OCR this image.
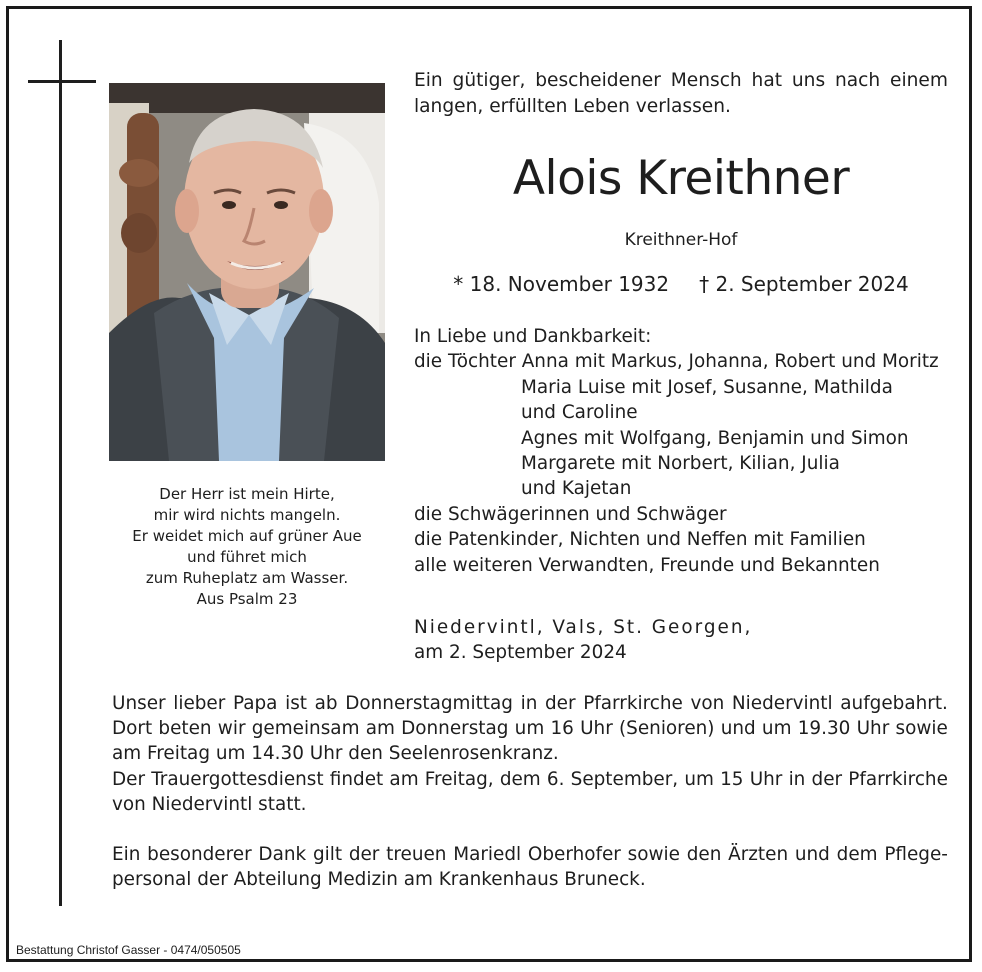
Der Herr ist mein Hirte,
mir wird nichts mangeln.
Er weidet mich auf grüner Aue
und führet mich
zum Ruheplatz am Wasser.
Aus Psalm 23
Ein gütiger, bescheidener Mensch hat uns nach einem
langen, erfüllten Leben verlassen.
Alois Kreithner
Kreithner-Hof
* 18. November 1932 † 2. September 2024
In Liebe und Dankbarkeit:
die Töchter Anna mit Markus, Johanna, Robert und Moritz
Maria Luise mit Josef, Susanne, Mathilda
und Caroline
Agnes mit Wolfgang, Benjamin und Simon
Margarete mit Norbert, Kilian, Julia
und Kajetan
die Schwägerinnen und Schwäger
die Patenkinder, Nichten und Neffen mit Familien
alle weiteren Verwandten, Freunde und Bekannten
Niedervintl, Vals, St. Georgen,
am 2. September 2024
Unser lieber Papa ist ab Donnerstagmittag in der Pfarrkirche von Niedervintl aufgebahrt.
Dort beten wir gemeinsam am Donnerstag um 16 Uhr (Senioren) und um 19.30 Uhr sowie
am Freitag um 14.30 Uhr den Seelenrosenkranz.
Der Trauergottesdienst findet am Freitag, dem 6. September, um 15 Uhr in der Pfarrkirche
von Niedervintl statt.
Ein besonderer Dank gilt der treuen Mariedl Oberhofer sowie den Ärzten und dem Pflege-
personal der Abteilung Medizin am Krankenhaus Bruneck.
Bestattung Christof Gasser - 0474/050505
